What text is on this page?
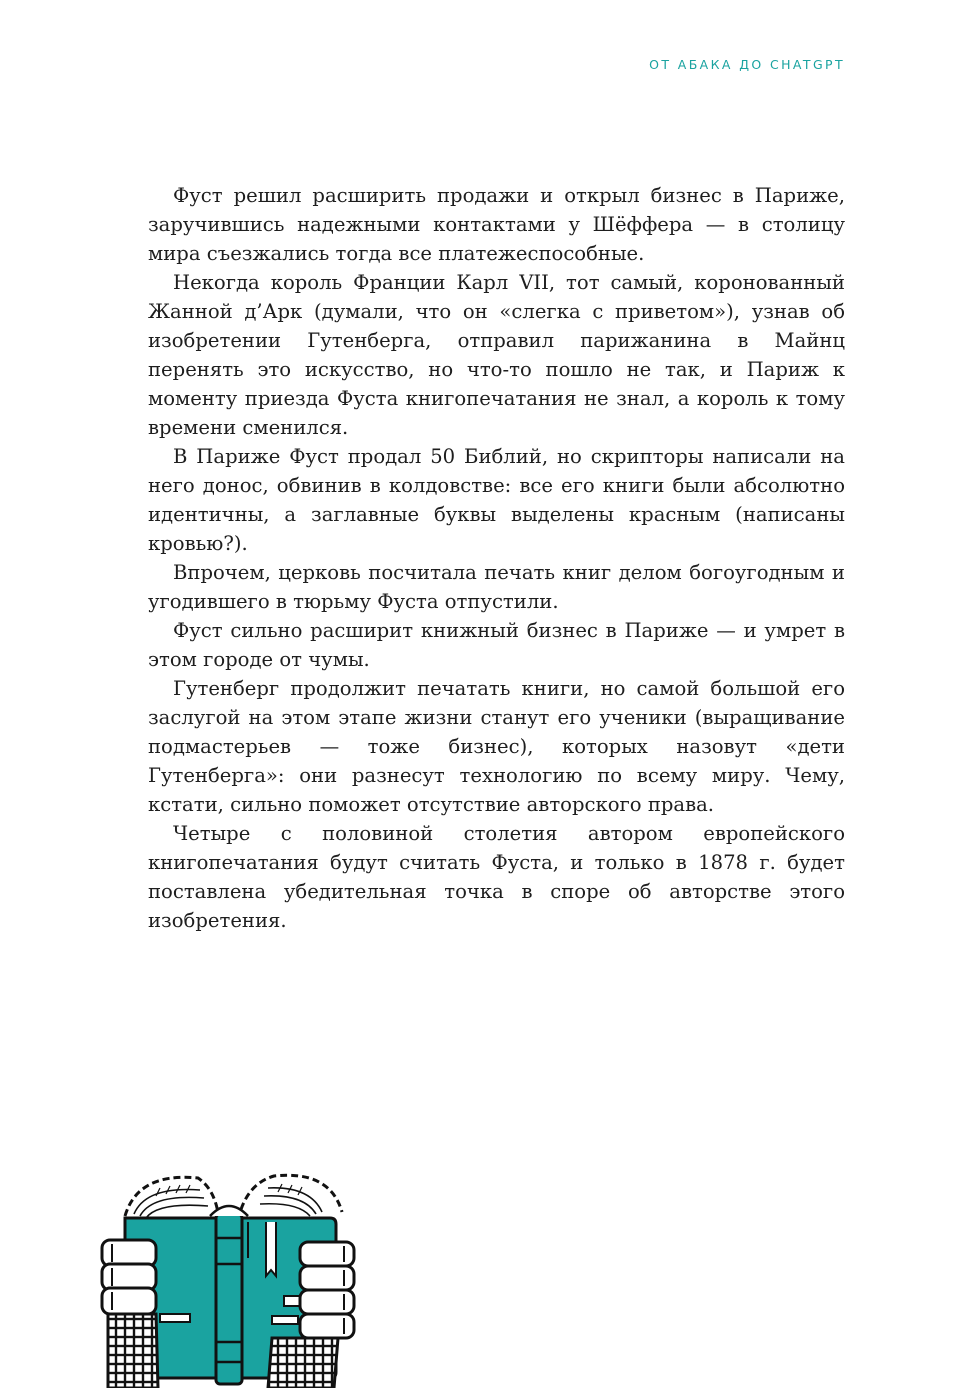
ОТ АБАКА ДО CHATGPT

Фуст решил расширить продажи и открыл бизнес в Париже, заручившись надежными контактами у Шёффера — в столицу мира съезжались тогда все платежеспособные.

Некогда король Франции Карл VII, тот самый, коронованный Жанной д’Арк (думали, что он «слегка с приветом»), узнав об изобретении Гутенберга, отправил парижанина в Майнц перенять это искусство, но что-то пошло не так, и Париж к моменту приезда Фуста книгопечатания не знал, а король к тому времени сменился.

В Париже Фуст продал 50 Библий, но скрипторы написали на него донос, обвинив в колдовстве: все его книги были абсолютно идентичны, а заглавные буквы выделены красным (написаны кровью?).

Впрочем, церковь посчитала печать книг делом богоугодным и угодившего в тюрьму Фуста отпустили.

Фуст сильно расширит книжный бизнес в Париже — и умрет в этом городе от чумы.

Гутенберг продолжит печатать книги, но самой большой его заслугой на этом этапе жизни станут его ученики (выращивание подмастерьев — тоже бизнес), которых назовут «дети Гутенберга»: они разнесут технологию по всему миру. Чему, кстати, сильно поможет отсутствие авторского права.

Четыре с половиной столетия автором европейского книгопечатания будут считать Фуста, и только в 1878 г. будет поставлена убедительная точка в споре об авторстве этого изобретения.
